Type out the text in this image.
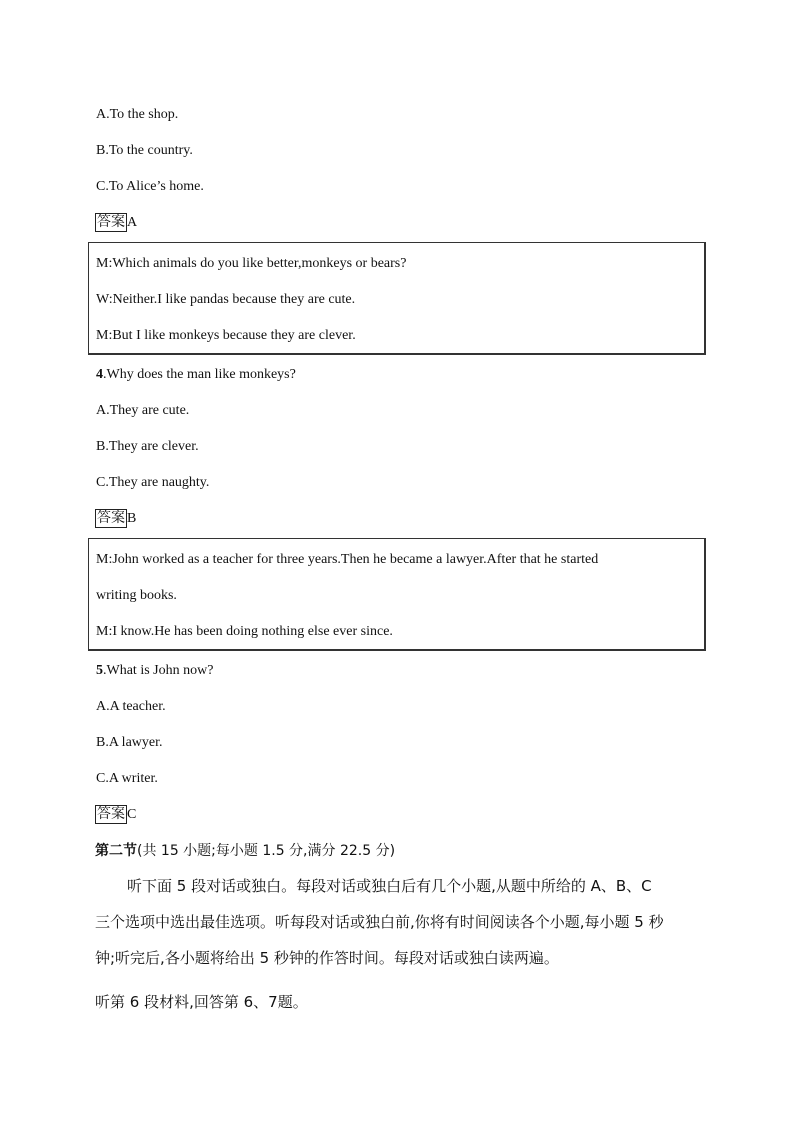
A.To the shop.
B.To the country.
C.To Alice’s home.
答案 A
M:Which animals do you like better,monkeys or bears?
W:Neither.I like pandas because they are cute.
M:But I like monkeys because they are clever.
4.Why does the man like monkeys?
A.They are cute.
B.They are clever.
C.They are naughty.
答案 B
M:John worked as a teacher for three years.Then he became a lawyer.After that he started
writing books.
M:I know.He has been doing nothing else ever since.
5.What is John now?
A.A teacher.
B.A lawyer.
C.A writer.
答案 C
第二节(共 15 小题;每小题 1.5 分,满分 22.5 分)
听下面 5 段对话或独白。每段对话或独白后有几个小题,从题中所给的 A、B、C
三个选项中选出最佳选项。听每段对话或独白前,你将有时间阅读各个小题,每小题 5 秒
钟;听完后,各小题将给出 5 秒钟的作答时间。每段对话或独白读两遍。
听第 6 段材料,回答第 6、7题。
